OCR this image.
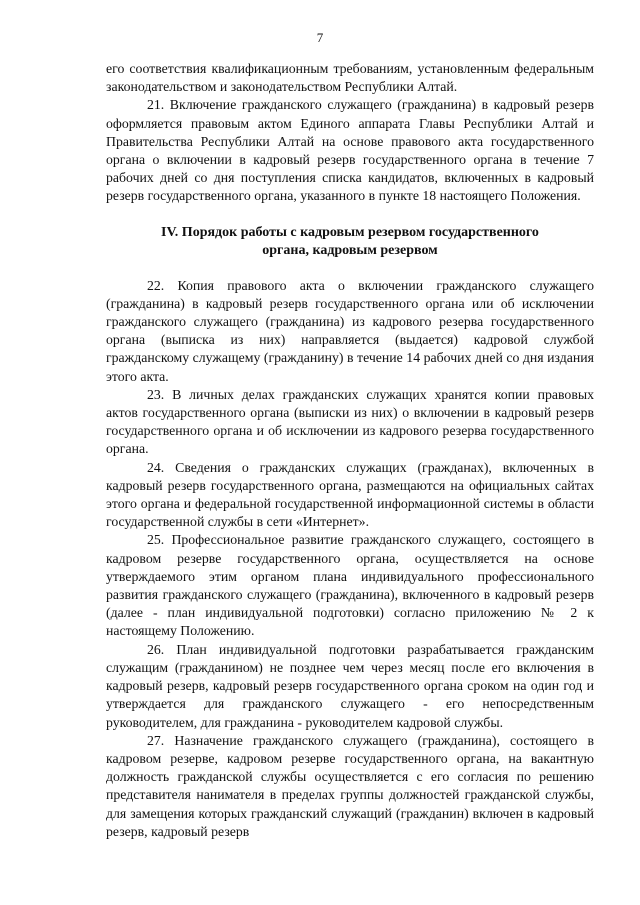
7

его соответствия квалификационным требованиям, установленным федеральным законодательством и законодательством Республики Алтай.

21. Включение гражданского служащего (гражданина) в кадровый резерв оформляется правовым актом Единого аппарата Главы Республики Алтай и Правительства Республики Алтай на основе правового акта государственного органа о включении в кадровый резерв государственного органа в течение 7 рабочих дней со дня поступления списка кандидатов, включенных в кадровый резерв государственного органа, указанного в пункте 18 настоящего Положения.

IV. Порядок работы с кадровым резервом государственного
органа, кадровым резервом

22. Копия правового акта о включении гражданского служащего (гражданина) в кадровый резерв государственного органа или об исключении гражданского служащего (гражданина) из кадрового резерва государственного органа (выписка из них) направляется (выдается) кадровой службой гражданскому служащему (гражданину) в течение 14 рабочих дней со дня издания этого акта.

23. В личных делах гражданских служащих хранятся копии правовых актов государственного органа (выписки из них) о включении в кадровый резерв государственного органа и об исключении из кадрового резерва государственного органа.

24. Сведения о гражданских служащих (гражданах), включенных в кадровый резерв государственного органа, размещаются на официальных сайтах этого органа и федеральной государственной информационной системы в области государственной службы в сети «Интернет».

25. Профессиональное развитие гражданского служащего, состоящего в кадровом резерве государственного органа, осуществляется на основе утверждаемого этим органом плана индивидуального профессионального развития гражданского служащего (гражданина), включенного в кадровый резерв (далее - план индивидуальной подготовки) согласно приложению № 2 к настоящему Положению.

26. План индивидуальной подготовки разрабатывается гражданским служащим (гражданином) не позднее чем через месяц после его включения в кадровый резерв, кадровый резерв государственного органа сроком на один год и утверждается для гражданского служащего - его непосредственным руководителем, для гражданина - руководителем кадровой службы.

27. Назначение гражданского служащего (гражданина), состоящего в кадровом резерве, кадровом резерве государственного органа, на вакантную должность гражданской службы осуществляется с его согласия по решению представителя нанимателя в пределах группы должностей гражданской службы, для замещения которых гражданский служащий (гражданин) включен в кадровый резерв, кадровый резерв
